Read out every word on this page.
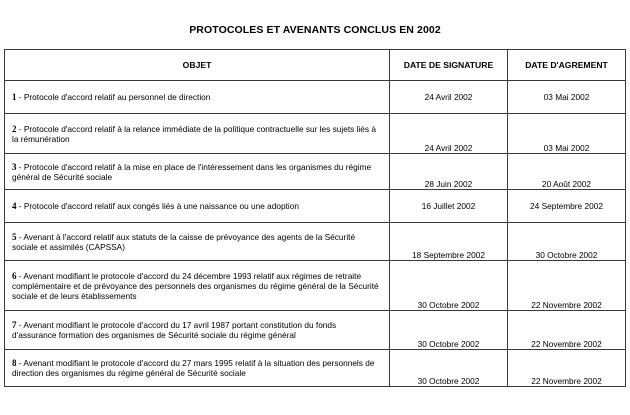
PROTOCOLES ET AVENANTS CONCLUS EN 2002
OBJET	DATE DE SIGNATURE	DATE D'AGREMENT
1 - Protocole d'accord relatif au personnel de direction	24 Avril 2002	03 Mai 2002
2 - Protocole d'accord relatif à la relance immédiate de la politique contractuelle sur les sujets liés à la rémunération	24 Avril 2002	03 Mai 2002
3 - Protocole d'accord relatif à la mise en place de l'intéressement dans les organismes du régime général de Sécurité sociale	28 Juin 2002	20 Août 2002
4 - Protocole d'accord relatif aux congés liés à une naissance ou une adoption	16 Juillet 2002	24 Septembre 2002
5 - Avenant à l'accord relatif aux statuts de la caisse de prévoyance des agents de la Sécurité sociale et assimilés (CAPSSA)	18 Septembre 2002	30 Octobre 2002
6 - Avenant modifiant le protocole d'accord du 24 décembre 1993 relatif aux régimes de retraite complémentaire et de prévoyance des personnels des organismes du régime général de la Sécurité sociale et de leurs établissements	30 Octobre 2002	22 Novembre 2002
7 - Avenant modifiant le protocole d'accord du 17 avril 1987 portant constitution du fonds d'assurance formation des organismes de Sécurité sociale du régime général	30 Octobre 2002	22 Novembre 2002
8 - Avenant modifiant le protocole d'accord du 27 mars 1995 relatif à la situation des personnels de direction des organismes du régime général de Sécurité sociale	30 Octobre 2002	22 Novembre 2002
